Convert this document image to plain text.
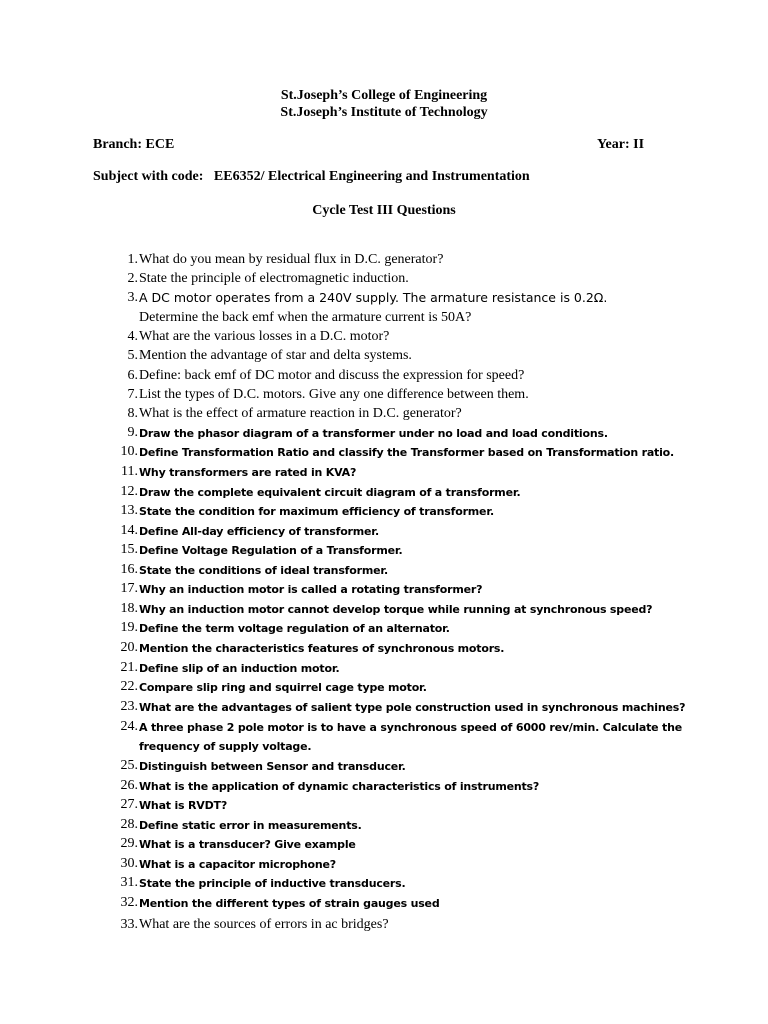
St.Joseph’s College of Engineering
St.Joseph’s Institute of Technology
Branch: ECE	Year: II
Subject with code:   EE6352/ Electrical Engineering and Instrumentation
Cycle Test III Questions
1. What do you mean by residual flux in D.C. generator?
2. State the principle of electromagnetic induction.
3. A DC motor operates from a 240V supply. The armature resistance is 0.2Ω.
Determine the back emf when the armature current is 50A?
4. What are the various losses in a D.C. motor?
5. Mention the advantage of star and delta systems.
6. Define: back emf of DC motor and discuss the expression for speed?
7. List the types of D.C. motors. Give any one difference between them.
8. What is the effect of armature reaction in D.C. generator?
9. Draw the phasor diagram of a transformer under no load and load conditions.
10. Define Transformation Ratio and classify the Transformer based on Transformation ratio.
11. Why transformers are rated in KVA?
12. Draw the complete equivalent circuit diagram of a transformer.
13. State the condition for maximum efficiency of transformer.
14. Define All-day efficiency of transformer.
15. Define Voltage Regulation of a Transformer.
16. State the conditions of ideal transformer.
17. Why an induction motor is called a rotating transformer?
18. Why an induction motor cannot develop torque while running at synchronous speed?
19. Define the term voltage regulation of an alternator.
20. Mention the characteristics features of synchronous motors.
21. Define slip of an induction motor.
22. Compare slip ring and squirrel cage type motor.
23. What are the advantages of salient type pole construction used in synchronous machines?
24. A three phase 2 pole motor is to have a synchronous speed of 6000 rev/min. Calculate the
frequency of supply voltage.
25. Distinguish between Sensor and transducer.
26. What is the application of dynamic characteristics of instruments?
27. What is RVDT?
28. Define static error in measurements.
29. What is a transducer? Give example
30. What is a capacitor microphone?
31. State the principle of inductive transducers.
32. Mention the different types of strain gauges used
33. What are the sources of errors in ac bridges?
